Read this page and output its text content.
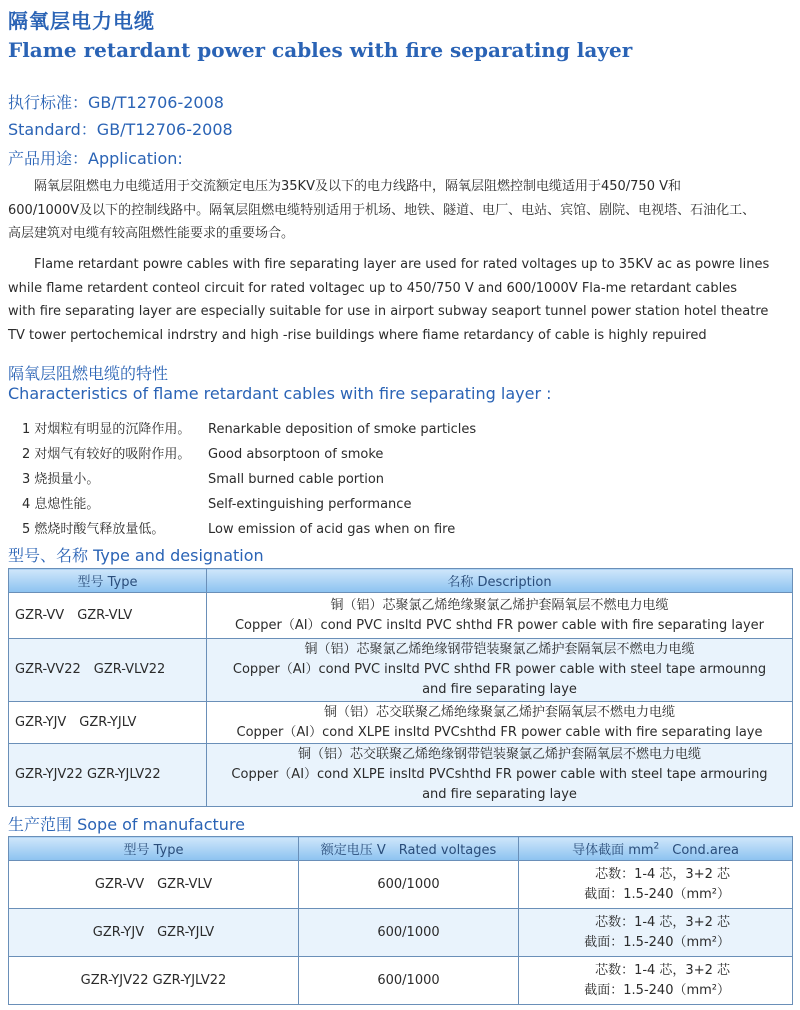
隔氧层电力电缆
Flame retardant power cables with fire separating layer
执行标准：GB/T12706-2008
Standard：GB/T12706-2008
产品用途：Application:
　　隔氧层阻燃电力电缆适用于交流额定电压为35KV及以下的电力线路中，隔氧层阻燃控制电缆适用于450/750 V和
600/1000V及以下的控制线路中。隔氧层阻燃电缆特别适用于机场、地铁、隧道、电厂、电站、宾馆、剧院、电视塔、石油化工、
高层建筑对电缆有较高阻燃性能要求的重要场合。
　　Flame retardant powre cables with fire separating layer are used for rated voltages up to 35KV ac as powre lines
while flame retardent conteol circuit for rated voltagec up to 450/750 V and 600/1000V Fla-me retardant cables
with fire separating layer are especially suitable for use in airport subway seaport tunnel power station hotel theatre
TV tower pertochemical indrstry and high -rise buildings where fiame retardancy of cable is highly repuired
隔氧层阻燃电缆的特性
Characteristics of flame retardant cables with fire separating layer :
1 对烟粒有明显的沉降作用。 Renarkable deposition of smoke particles
2 对烟气有较好的吸附作用。 Good absorptoon of smoke
3 烧损量小。	Small burned cable portion
4 息熄性能。	Self-extinguishing performance
5 燃烧时酸气释放量低。	Low emission of acid gas when on fire
型号、名称 Type and designation
型号 Type	名称 Description
GZR-VV　GZR-VLV	铜（铝）芯聚氯乙烯绝缘聚氯乙烯护套隔氧层不燃电力电缆
Copper（AI）cond PVC insltd PVC shthd FR power cable with fire separating layer

GZR-VV22　GZR-VLV22	铜（铝）芯聚氯乙烯绝缘钢带铠装聚氯乙烯护套隔氧层不燃电力电缆
Copper（AI）cond PVC insltd PVC shthd FR power cable with steel tape armounng
and fire separating laye

GZR-YJV　GZR-YJLV	铜（铝）芯交联聚乙烯绝缘聚氯乙烯护套隔氧层不燃电力电缆
Copper（AI）cond XLPE insltd PVCshthd FR power cable with fire separating laye

GZR-YJV22 GZR-YJLV22	铜（铝）芯交联聚乙烯绝缘钢带铠装聚氯乙烯护套隔氧层不燃电力电缆
Copper（AI）cond XLPE insltd PVCshthd FR power cable with steel tape armouring
and fire separating laye
生产范围 Sope of manufacture
型号 Type	额定电压 V　Rated voltages	导体截面 $mm^2$　Cond.area
GZR-VV　GZR-VLV	600/1000	芯数：1-4 芯，3+2 芯
截面：1.5-240（mm²）

GZR-YJV　GZR-YJLV	600/1000	芯数：1-4 芯，3+2 芯
截面：1.5-240（mm²）

GZR-YJV22 GZR-YJLV22	600/1000	芯数：1-4 芯，3+2 芯
截面：1.5-240（mm²）
